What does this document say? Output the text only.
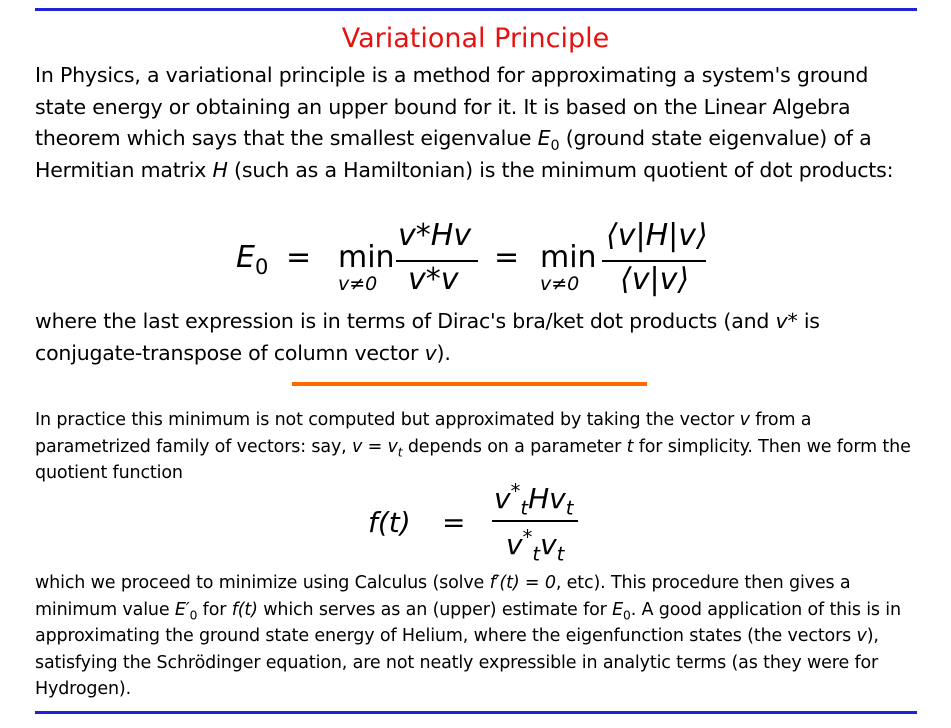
Variational Principle

In Physics, a variational principle is a method for approximating a system's ground state energy or obtaining an upper bound for it. It is based on the Linear Algebra theorem which says that the smallest eigenvalue $E_0$ (ground state eigenvalue) of a Hermitian matrix H (such as a Hamiltonian) is the minimum quotient of dot products:

$E_0 = \min$
v≠0
v*Hv
v*v
= min
v≠0
⟨v|H|v⟩
⟨v|v⟩

where the last expression is in terms of Dirac's bra/ket dot products (and v* is conjugate-transpose of column vector v).

In practice this minimum is not computed but approximated by taking the vector v from a parametrized family of vectors: say, $v = v_t$ depends on a parameter t for simplicity. Then we form the quotient function

f(t) =
$v^*_tHv_t$
$v^*_tv_t$

which we proceed to minimize using Calculus (solve f′(t) = 0, etc). This procedure then gives a minimum value $E'_0$ for f(t) which serves as an (upper) estimate for $E_0$. A good application of this is in approximating the ground state energy of Helium, where the eigenfunction states (the vectors v), satisfying the Schrödinger equation, are not neatly expressible in analytic terms (as they were for Hydrogen).
